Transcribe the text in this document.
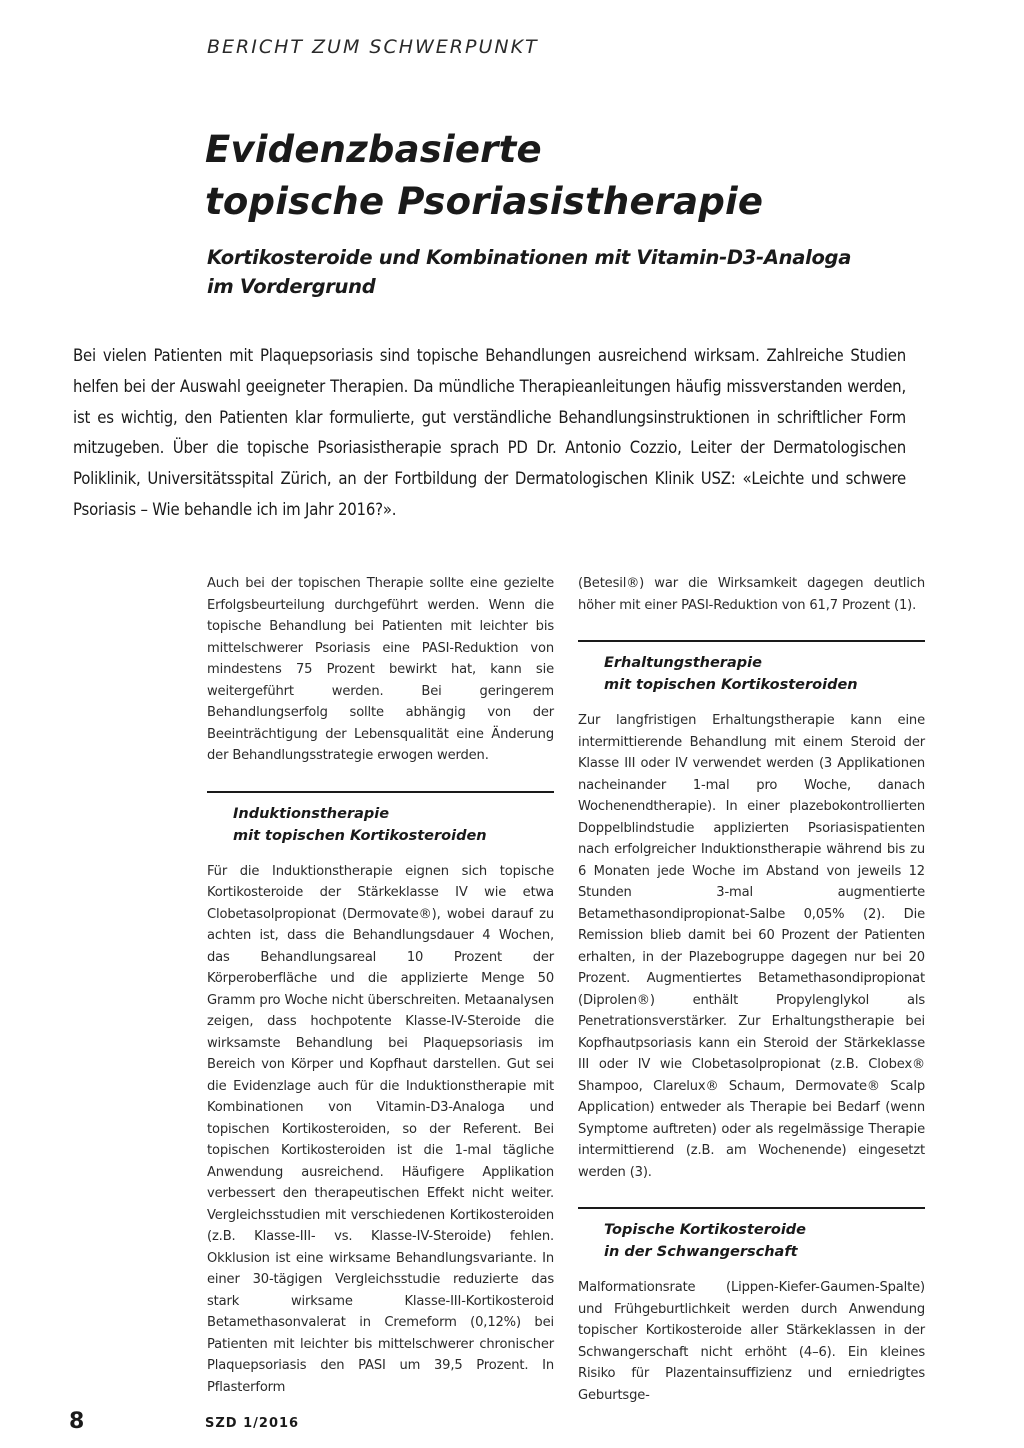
BERICHT ZUM SCHWERPUNKT
Evidenzbasierte
topische Psoriasistherapie
Kortikosteroide und Kombinationen mit Vitamin-D3-Analoga
im Vordergrund

Bei vielen Patienten mit Plaquepsoriasis sind topische Behandlungen ausreichend wirksam. Zahlreiche Studien helfen bei der Auswahl geeigneter Therapien. Da mündliche Therapieanleitungen häufig missverstanden werden, ist es wichtig, den Patienten klar formulierte, gut verständliche Behandlungsinstruktionen in schriftlicher Form mitzugeben. Über die topische Psoriasistherapie sprach PD Dr. Antonio Cozzio, Leiter der Dermatologischen Poliklinik, Universitätsspital Zürich, an der Fortbildung der Dermatologischen Klinik USZ: «Leichte und schwere Psoriasis – Wie behandle ich im Jahr 2016?».

Auch bei der topischen Therapie sollte eine gezielte Erfolgsbeurteilung durchgeführt werden. Wenn die topische Behandlung bei Patienten mit leichter bis mittelschwerer Psoriasis eine PASI-Reduktion von mindestens 75 Prozent bewirkt hat, kann sie weitergeführt werden. Bei geringerem Behandlungserfolg sollte abhängig von der Beeinträchtigung der Lebensqualität eine Änderung der Behandlungsstrategie erwogen werden.

Induktionstherapie
mit topischen Kortikosteroiden

Für die Induktionstherapie eignen sich topische Kortikosteroide der Stärkeklasse IV wie etwa Clobetasolpropionat (Dermovate®), wobei darauf zu achten ist, dass die Behandlungsdauer 4 Wochen, das Behandlungsareal 10 Prozent der Körperoberfläche und die applizierte Menge 50 Gramm pro Woche nicht überschreiten. Metaanalysen zeigen, dass hochpotente Klasse-IV-Steroide die wirksamste Behandlung bei Plaquepsoriasis im Bereich von Körper und Kopfhaut darstellen. Gut sei die Evidenzlage auch für die Induktionstherapie mit Kombinationen von Vitamin-D3-Analoga und topischen Kortikosteroiden, so der Referent. Bei topischen Kortikosteroiden ist die 1-mal tägliche Anwendung ausreichend. Häufigere Applikation verbessert den therapeutischen Effekt nicht weiter. Vergleichsstudien mit verschiedenen Kortikosteroiden (z.B. Klasse-III- vs. Klasse-IV-Steroide) fehlen. Okklusion ist eine wirksame Behandlungsvariante. In einer 30-tägigen Vergleichsstudie reduzierte das stark wirksame Klasse-III-Kortikosteroid Betamethasonvalerat in Cremeform (0,12%) bei Patienten mit leichter bis mittelschwerer chronischer Plaquepsoriasis den PASI um 39,5 Prozent. In Pflasterform

(Betesil®) war die Wirksamkeit dagegen deutlich höher mit einer PASI-Reduktion von 61,7 Prozent (1).

Erhaltungstherapie
mit topischen Kortikosteroiden

Zur langfristigen Erhaltungstherapie kann eine intermittierende Behandlung mit einem Steroid der Klasse III oder IV verwendet werden (3 Applikationen nacheinander 1-mal pro Woche, danach Wochenendtherapie). In einer plazebokontrollierten Doppelblindstudie applizierten Psoriasispatienten nach erfolgreicher Induktionstherapie während bis zu 6 Monaten jede Woche im Abstand von jeweils 12 Stunden 3-mal augmentierte Betamethasondipropionat-Salbe 0,05% (2). Die Remission blieb damit bei 60 Prozent der Patienten erhalten, in der Plazebogruppe dagegen nur bei 20 Prozent. Augmentiertes Betamethasondipropionat (Diprolen®) enthält Propylenglykol als Penetrationsverstärker. Zur Erhaltungstherapie bei Kopfhautpsoriasis kann ein Steroid der Stärkeklasse III oder IV wie Clobetasolpropionat (z.B. Clobex® Shampoo, Clarelux® Schaum, Dermovate® Scalp Application) entweder als Therapie bei Bedarf (wenn Symptome auftreten) oder als regelmässige Therapie intermittierend (z.B. am Wochenende) eingesetzt werden (3).

Topische Kortikosteroide
in der Schwangerschaft

Malformationsrate (Lippen-Kiefer-Gaumen-Spalte) und Frühgeburtlichkeit werden durch Anwendung topischer Kortikosteroide aller Stärkeklassen in der Schwangerschaft nicht erhöht (4–6). Ein kleines Risiko für Plazentainsuffizienz und erniedrigtes Geburtsge-

8	SZD 1/2016
